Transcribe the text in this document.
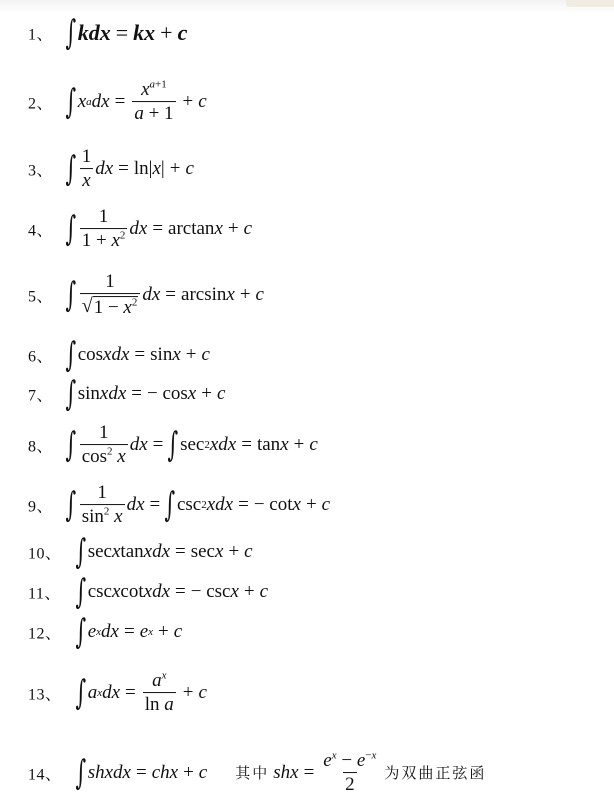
1、 ∫ kdx = kx + c
2、 ∫ x a dx = $\frac{x^{a+1}}{a + 1} + c$
3、 ∫ $\frac{1}{x}$ dx = ln| x | + c
4、 ∫ $\frac{1}{1 + x^2}$ dx = arctan x + c
5、 ∫ $\frac{1}{√ 1 - x^2}$ dx = arcsin x + c
6、 ∫ cos xdx = sin x + c
7、 ∫ sin xdx = − cos x + c
8、 ∫ $\frac{1}{\cos^2 x}$ dx = ∫ sec 2 xdx = tan x + c
9、 ∫ $\frac{1}{\sin^2 x}$ dx = ∫ csc 2 xdx = − cot x + c
10、 ∫ sec x tan xdx = sec x + c
11、 ∫ csc x cot xdx = − csc x + c
12、 ∫ e x dx = e x + c
13、 ∫ a x dx = $\frac{a^x}{\text{ln a}} + c$
14、 ∫ shxdx = chx + c 其中 shx = $\frac{e^x - e^{-x}}{2}$ 为双曲正弦函
